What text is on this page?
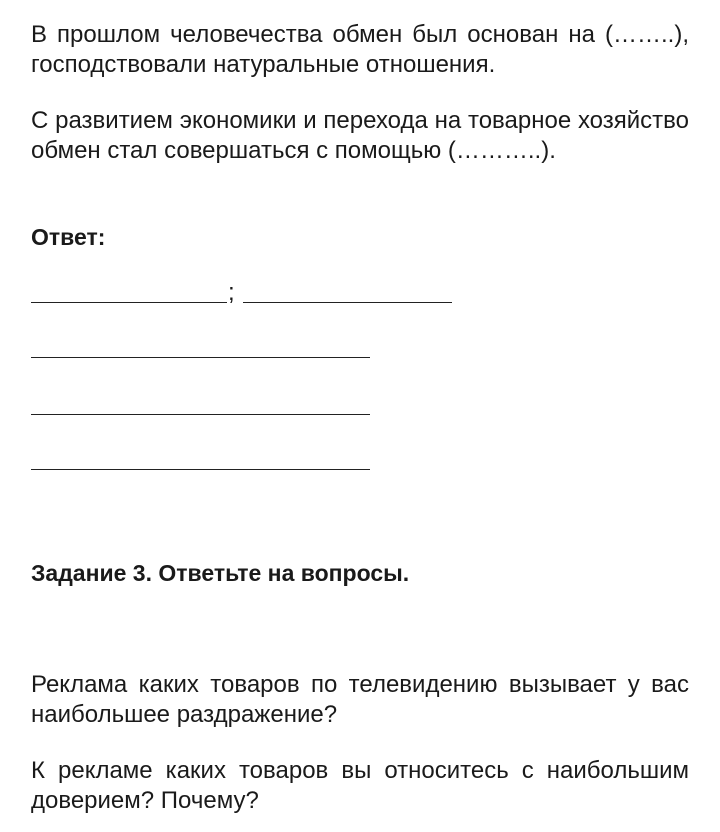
В прошлом человечества обмен был основан на (……..), господствовали натуральные отношения.

С развитием экономики и перехода на товарное хозяйство обмен стал совершаться с помощью (………..).

Ответ:

;

Задание 3. Ответьте на вопросы.

Реклама каких товаров по телевидению вызывает у вас наибольшее раздражение?

К рекламе каких товаров вы относитесь с наибольшим доверием? Почему?
